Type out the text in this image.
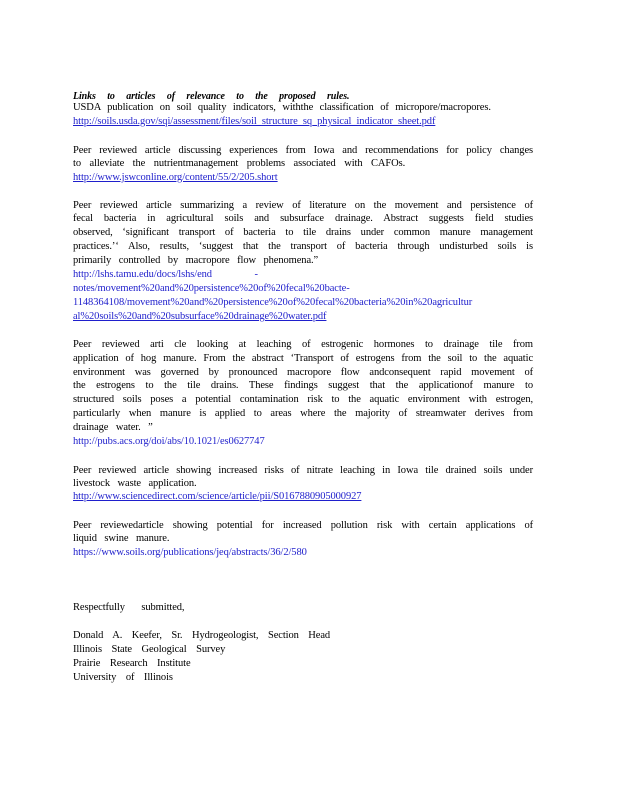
Links to articles of relevance to the proposed rules.
USDA publication on soil quality indicators, withthe classification of micropore/macropores.
http://soils.usda.gov/sqi/assessment/files/soil_structure_sq_physical_indicator_sheet.pdf
Peer reviewed article discussing experiences from Iowa and recommendations for policy changes
to alleviate the nutrientmanagement problems associated with CAFOs.
http://www.jswconline.org/content/55/2/205.short
Peer reviewed article summarizing a review of literature on the movement and persistence of
fecal bacteria in agricultural soils and subsurface drainage. Abstract suggests field studies
observed, ‘significant transport of bacteria to tile drains under common manure management
practices.’‘ Also, results, ‘suggest that the transport of bacteria through undisturbed soils is
primarily controlled by macropore flow phenomena.”
http://lshs.tamu.edu/docs/lshs/end -
notes/movement%20and%20persistence%20of%20fecal%20bacte-
1148364108/movement%20and%20persistence%20of%20fecal%20bacteria%20in%20agricultur
al%20soils%20and%20subsurface%20drainage%20water.pdf
Peer reviewed arti cle looking at leaching of estrogenic hormones to drainage tile from
application of hog manure. From the abstract ‘Transport of estrogens from the soil to the aquatic
environment was governed by pronounced macropore flow andconsequent rapid movement of
the estrogens to the tile drains. These findings suggest that the applicationof manure to
structured soils poses a potential contamination risk to the aquatic environment with estrogen,
particularly when manure is applied to areas where the majority of streamwater derives from
drainage water. ”
http://pubs.acs.org/doi/abs/10.1021/es0627747
Peer reviewed article showing increased risks of nitrate leaching in Iowa tile drained soils under
livestock waste application.
http://www.sciencedirect.com/science/article/pii/S0167880905000927
Peer reviewedarticle showing potential for increased pollution risk with certain applications of
liquid swine manure.
https://www.soils.org/publications/jeq/abstracts/36/2/580
Respectfully submitted,
Donald A. Keefer, Sr. Hydrogeologist, Section Head
Illinois State Geological Survey
Prairie Research Institute
University of Illinois
